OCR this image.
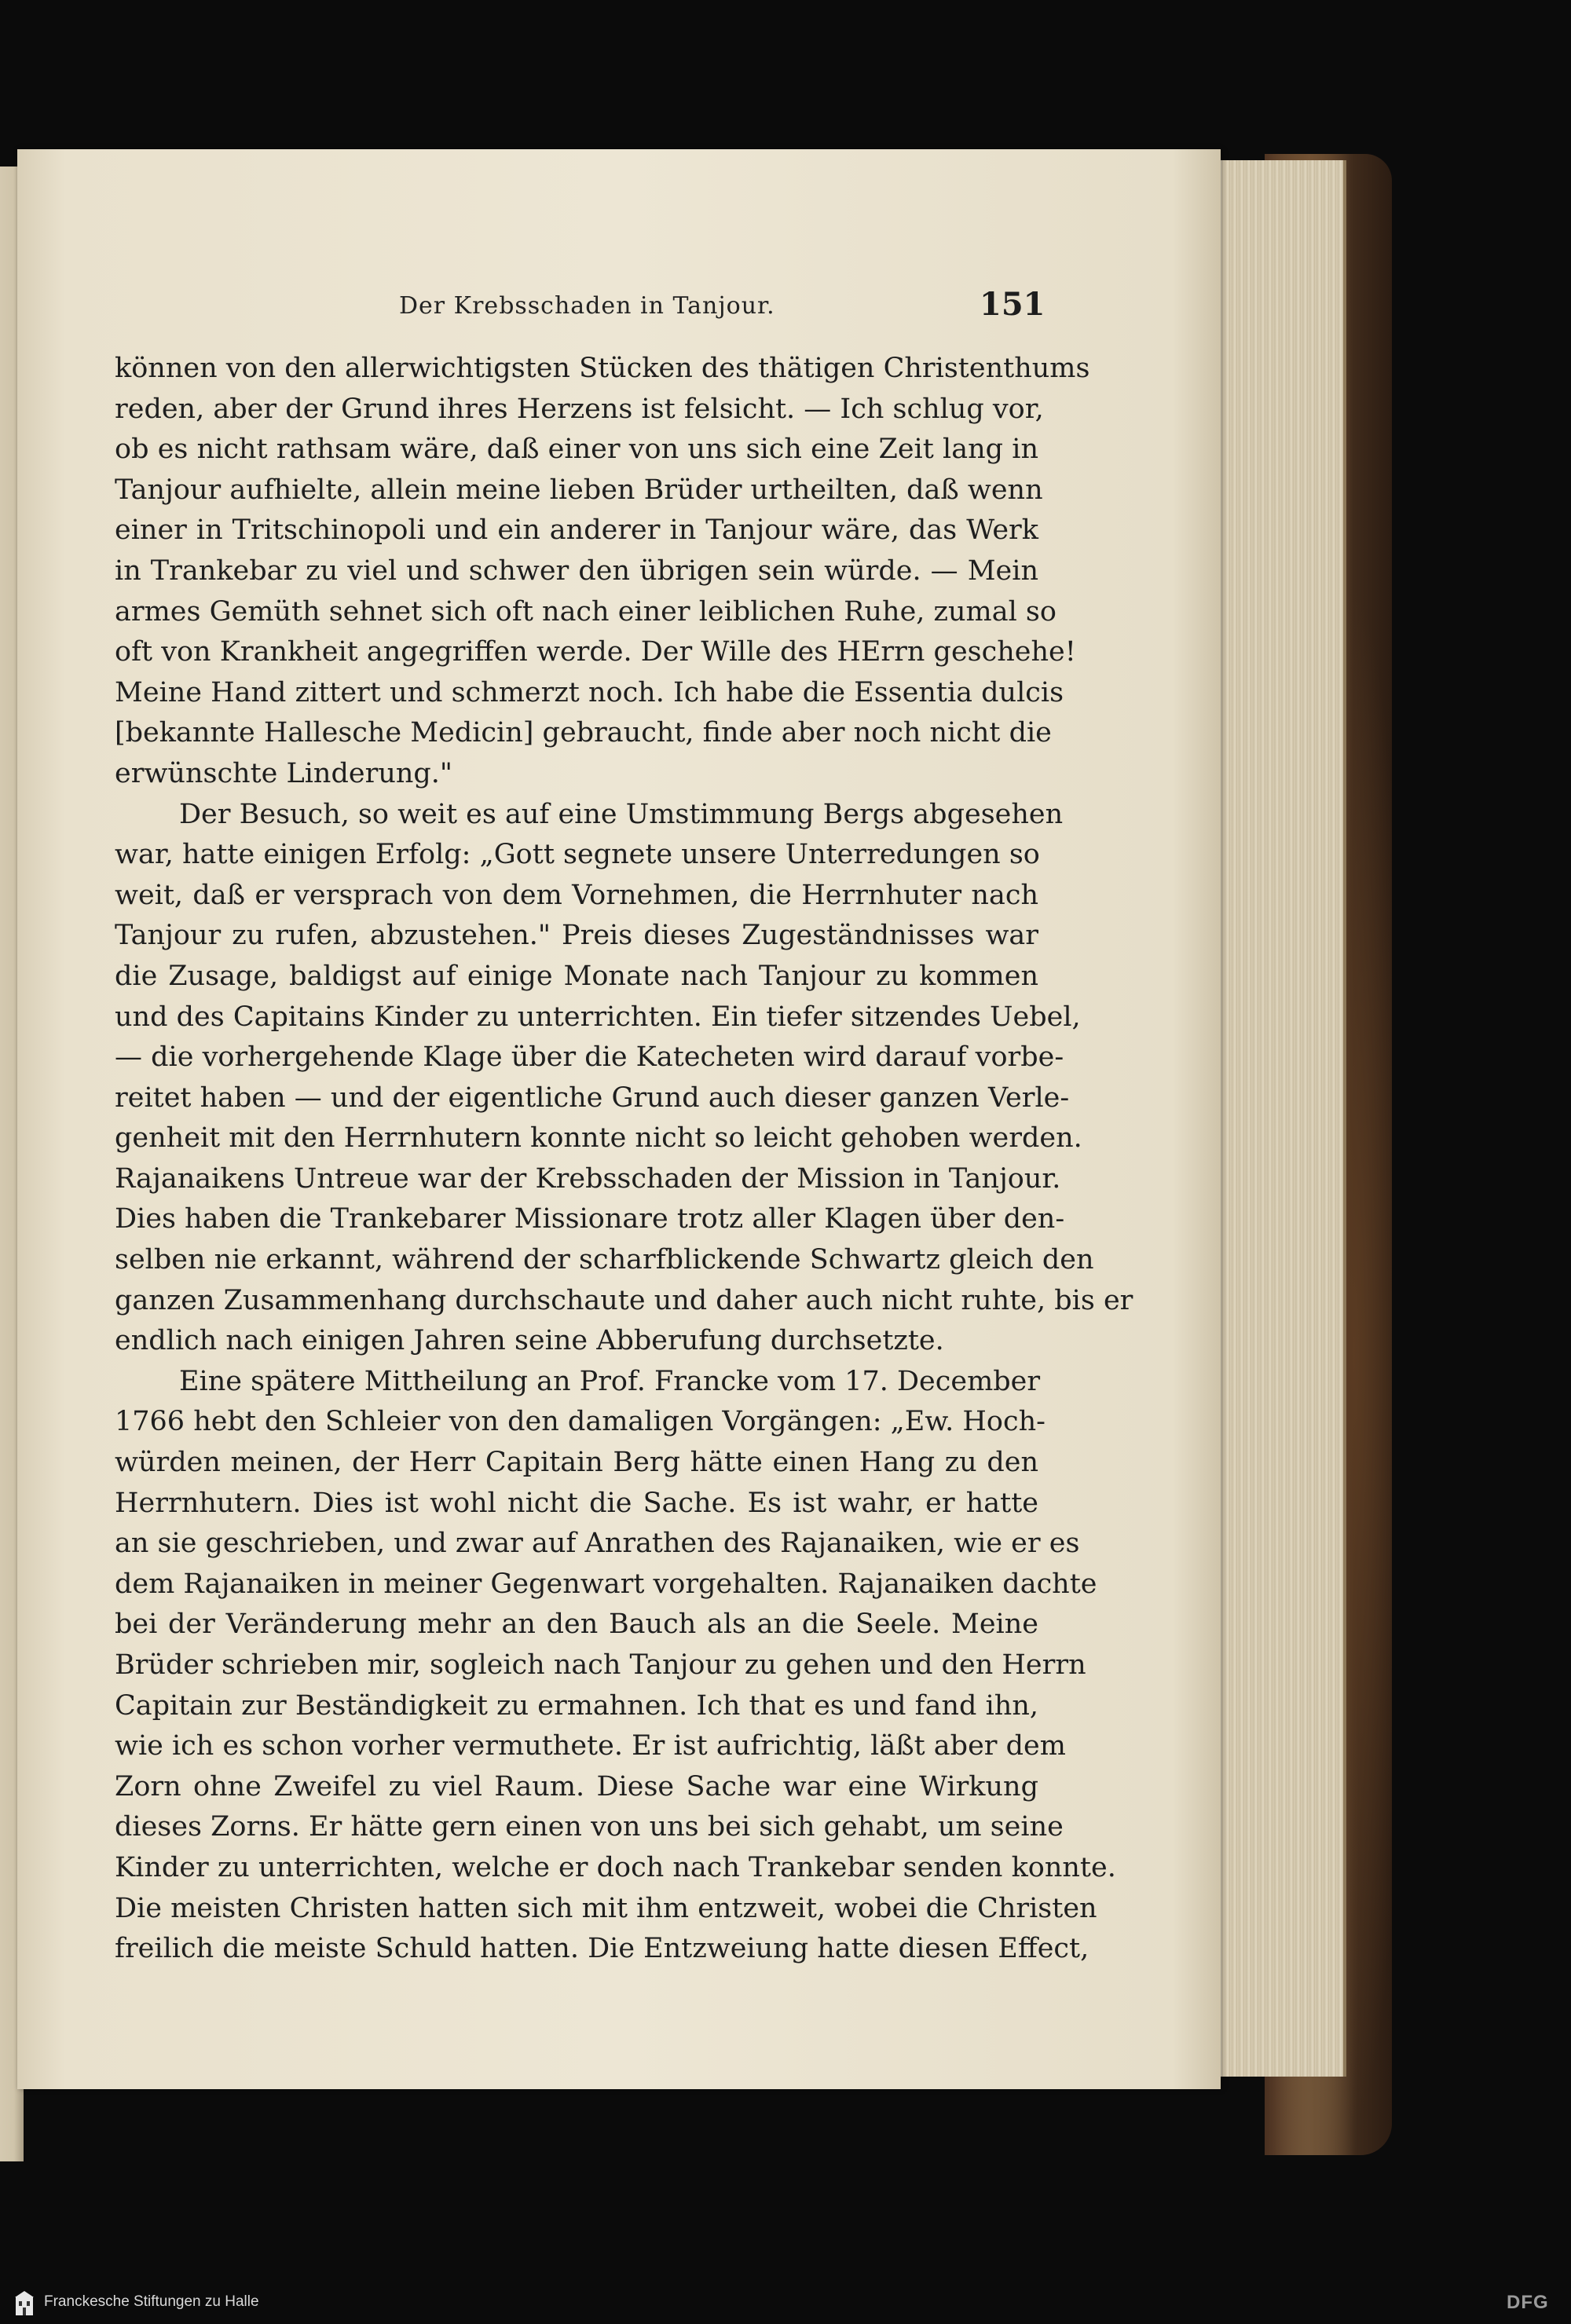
Der Krebsschaden in Tanjour.	151
können von den allerwichtigsten Stücken des thätigen Christenthums
reden, aber der Grund ihres Herzens ist felsicht. — Ich schlug vor,
ob es nicht rathsam wäre, daß einer von uns sich eine Zeit lang in
Tanjour aufhielte, allein meine lieben Brüder urtheilten, daß wenn
einer in Tritschinopoli und ein anderer in Tanjour wäre, das Werk
in Trankebar zu viel und schwer den übrigen sein würde. — Mein
armes Gemüth sehnet sich oft nach einer leiblichen Ruhe, zumal so
oft von Krankheit angegriffen werde. Der Wille des HErrn geschehe!
Meine Hand zittert und schmerzt noch. Ich habe die Essentia dulcis
[bekannte Hallesche Medicin] gebraucht, finde aber noch nicht die
erwünschte Linderung."
Der Besuch, so weit es auf eine Umstimmung Bergs abgesehen
war, hatte einigen Erfolg: „Gott segnete unsere Unterredungen so
weit, daß er versprach von dem Vornehmen, die Herrnhuter nach
Tanjour zu rufen, abzustehen." Preis dieses Zugeständnisses war
die Zusage, baldigst auf einige Monate nach Tanjour zu kommen
und des Capitains Kinder zu unterrichten. Ein tiefer sitzendes Uebel,
— die vorhergehende Klage über die Katecheten wird darauf vorbe-
reitet haben — und der eigentliche Grund auch dieser ganzen Verle-
genheit mit den Herrnhutern konnte nicht so leicht gehoben werden.
Rajanaikens Untreue war der Krebsschaden der Mission in Tanjour.
Dies haben die Trankebarer Missionare trotz aller Klagen über den-
selben nie erkannt, während der scharfblickende Schwartz gleich den
ganzen Zusammenhang durchschaute und daher auch nicht ruhte, bis er
endlich nach einigen Jahren seine Abberufung durchsetzte.
Eine spätere Mittheilung an Prof. Francke vom 17. December
1766 hebt den Schleier von den damaligen Vorgängen: „Ew. Hoch-
würden meinen, der Herr Capitain Berg hätte einen Hang zu den
Herrnhutern. Dies ist wohl nicht die Sache. Es ist wahr, er hatte
an sie geschrieben, und zwar auf Anrathen des Rajanaiken, wie er es
dem Rajanaiken in meiner Gegenwart vorgehalten. Rajanaiken dachte
bei der Veränderung mehr an den Bauch als an die Seele. Meine
Brüder schrieben mir, sogleich nach Tanjour zu gehen und den Herrn
Capitain zur Beständigkeit zu ermahnen. Ich that es und fand ihn,
wie ich es schon vorher vermuthete. Er ist aufrichtig, läßt aber dem
Zorn ohne Zweifel zu viel Raum. Diese Sache war eine Wirkung
dieses Zorns. Er hätte gern einen von uns bei sich gehabt, um seine
Kinder zu unterrichten, welche er doch nach Trankebar senden konnte.
Die meisten Christen hatten sich mit ihm entzweit, wobei die Christen
freilich die meiste Schuld hatten. Die Entzweiung hatte diesen Effect,
Franckesche Stiftungen zu Halle	DFG
